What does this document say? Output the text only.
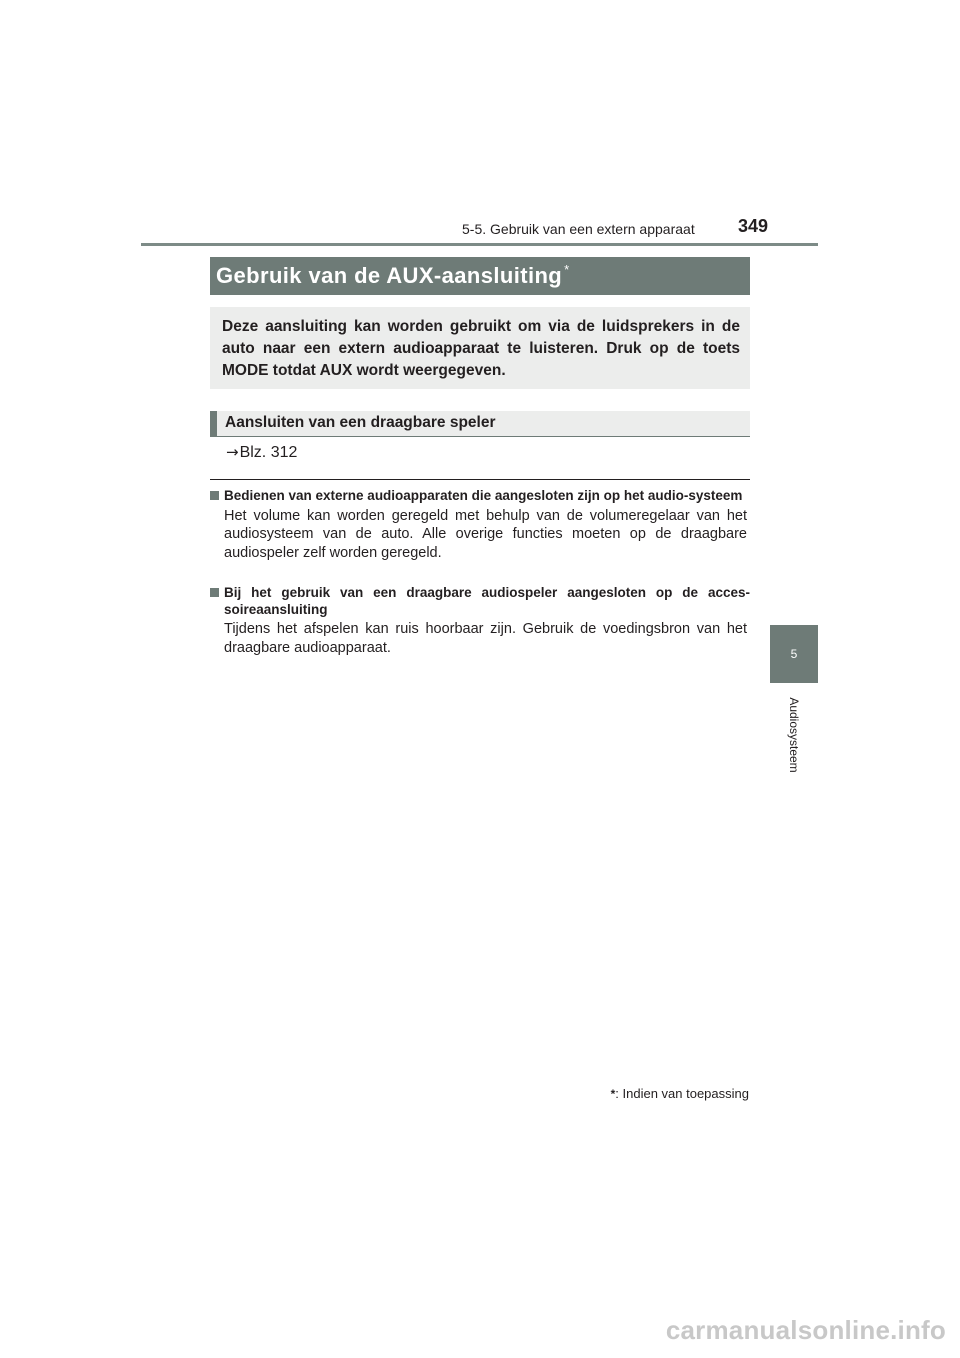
5-5. Gebruik van een extern apparaat 349
5
Audiosysteem
Gebruik van de AUX-aansluiting *
Deze aansluiting kan worden gebruikt om via de luidsprekers in de auto naar een extern audioapparaat te luisteren. Druk op de toets MODE totdat AUX wordt weergegeven.
Aansluiten van een draagbare speler
→Blz. 312
Bedienen van externe audioapparaten die aangesloten zijn op het audio-systeem
Het volume kan worden geregeld met behulp van de volumeregelaar van het audiosysteem van de auto. Alle overige functies moeten op de draagbare audiospeler zelf worden geregeld.
Bij het gebruik van een draagbare audiospeler aangesloten op de acces-soireaansluiting
Tijdens het afspelen kan ruis hoorbaar zijn. Gebruik de voedingsbron van het draagbare audioapparaat.
*: Indien van toepassing
carmanualsonline.info
